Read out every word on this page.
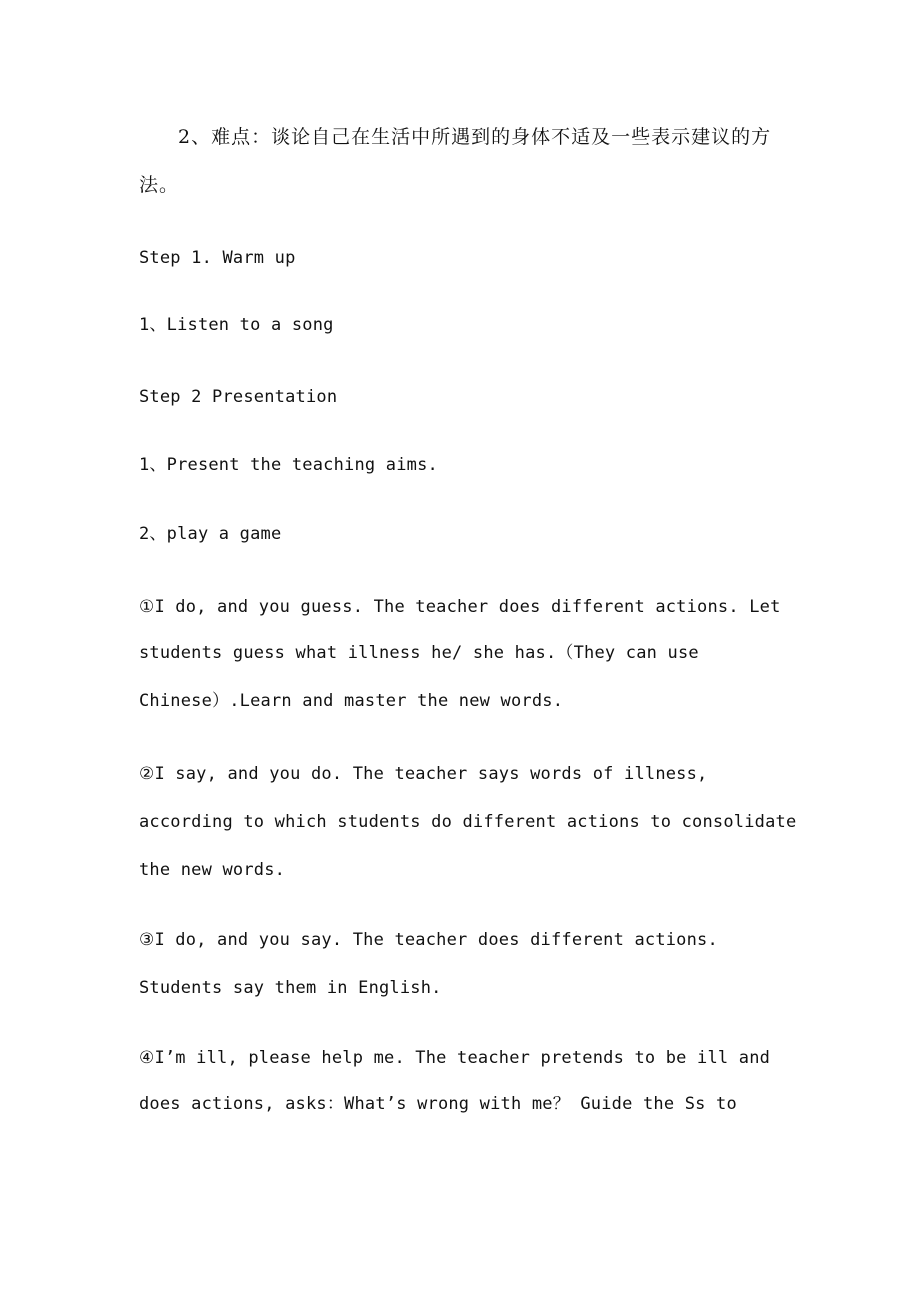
2、难点：谈论自己在生活中所遇到的身体不适及一些表示建议的方
法。
Step 1. Warm up
1、Listen to a song
Step 2 Presentation
1、Present the teaching aims.
2、play a game
①I do, and you guess. The teacher does different actions. Let
students guess what illness he/ she has.（They can use
Chinese）.Learn and master the new words.
②I say, and you do. The teacher says words of illness,
according to which students do different actions to consolidate
the new words.
③I do, and you say. The teacher does different actions.
Students say them in English.
④I’m ill, please help me. The teacher pretends to be ill and
does actions, asks：What’s wrong with me？ Guide the Ss to
